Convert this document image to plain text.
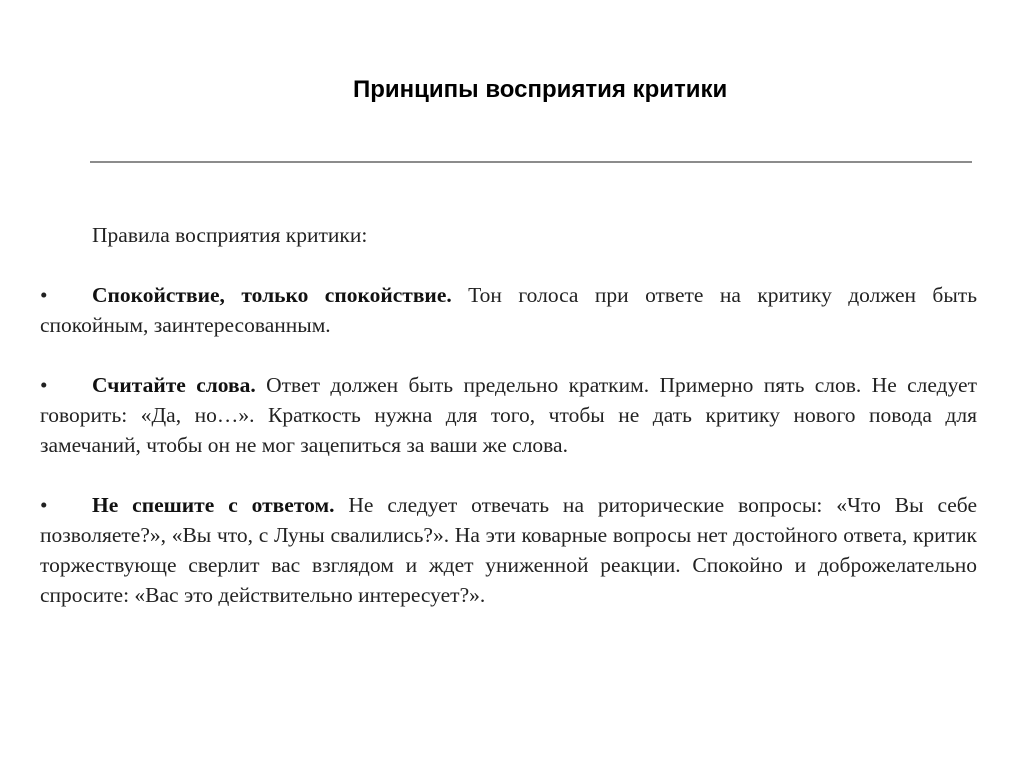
Принципы восприятия критики

Правила восприятия критики:

• Спокойствие, только спокойствие. Тон голоса при ответе на критику должен быть спокойным, заинтересованным.

• Считайте слова. Ответ должен быть предельно кратким. Примерно пять слов. Не следует говорить: «Да, но…». Краткость нужна для того, чтобы не дать критику нового повода для замечаний, чтобы он не мог зацепиться за ваши же слова.

• Не спешите с ответом. Не следует отвечать на риторические вопросы: «Что Вы себе позволяете?», «Вы что, с Луны свалились?». На эти коварные вопросы нет достойного ответа, критик торжествующе сверлит вас взглядом и ждет униженной реакции. Спокойно и доброжелательно спросите: «Вас это действительно интересует?».
